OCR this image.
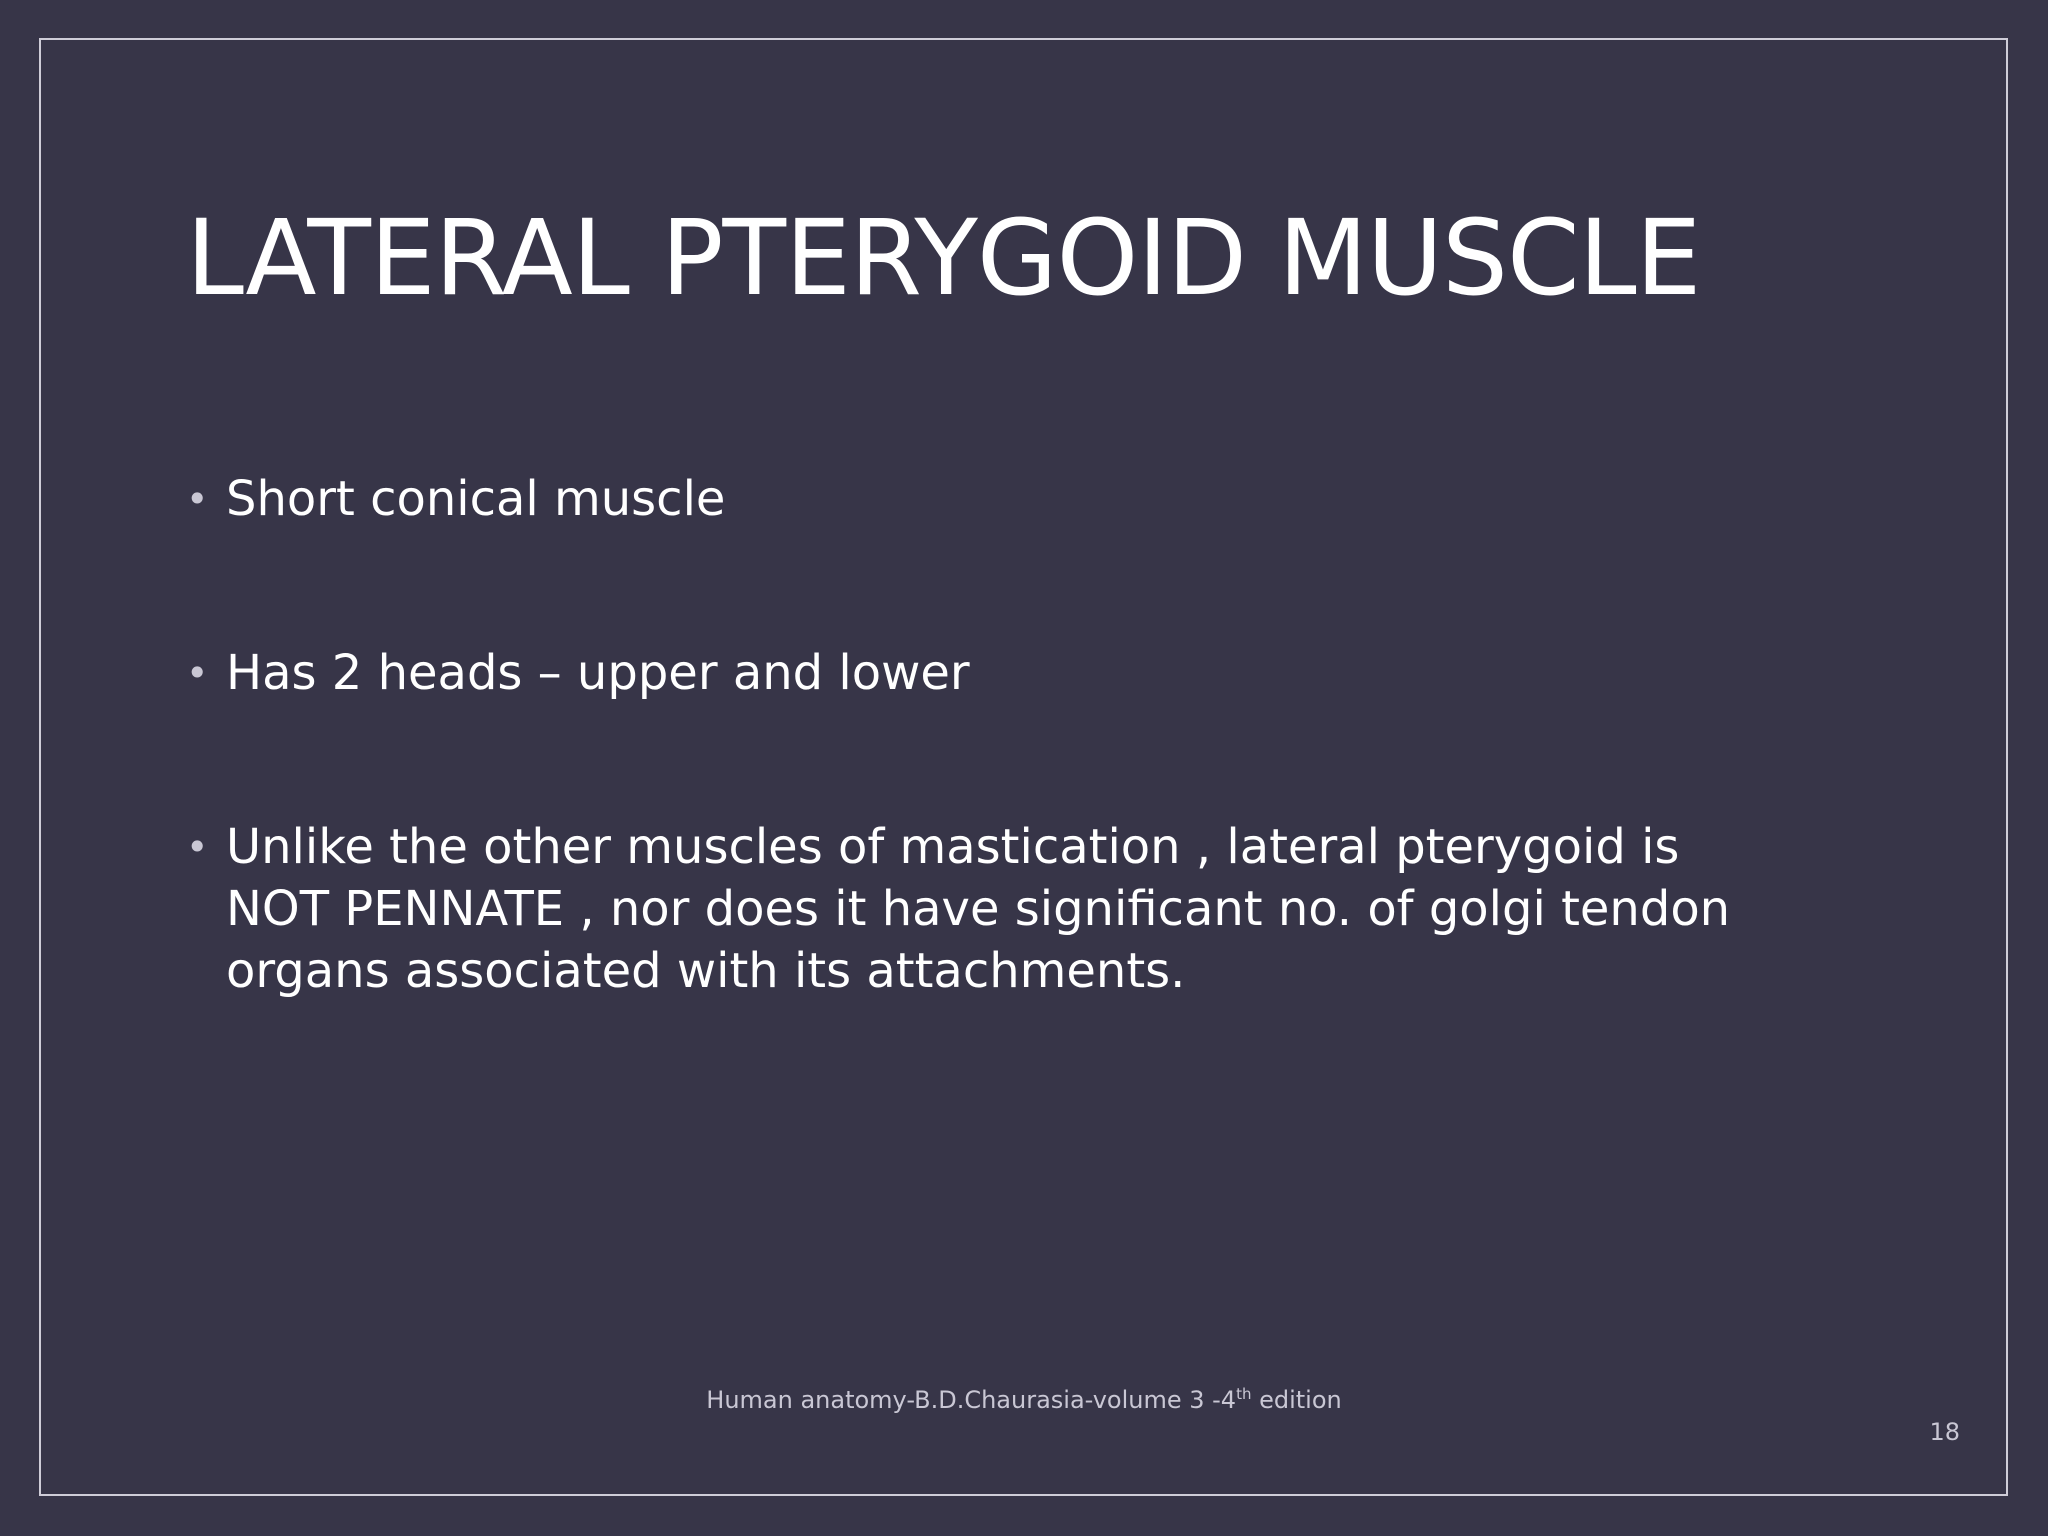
LATERAL PTERYGOID MUSCLE
• Short conical muscle
• Has 2 heads – upper and lower
• Unlike the other muscles of mastication , lateral pterygoid is NOT PENNATE , nor does it have significant no. of golgi tendon organs associated with its attachments.
Human anatomy-B.D.Chaurasia-volume 3 -4th edition
18
